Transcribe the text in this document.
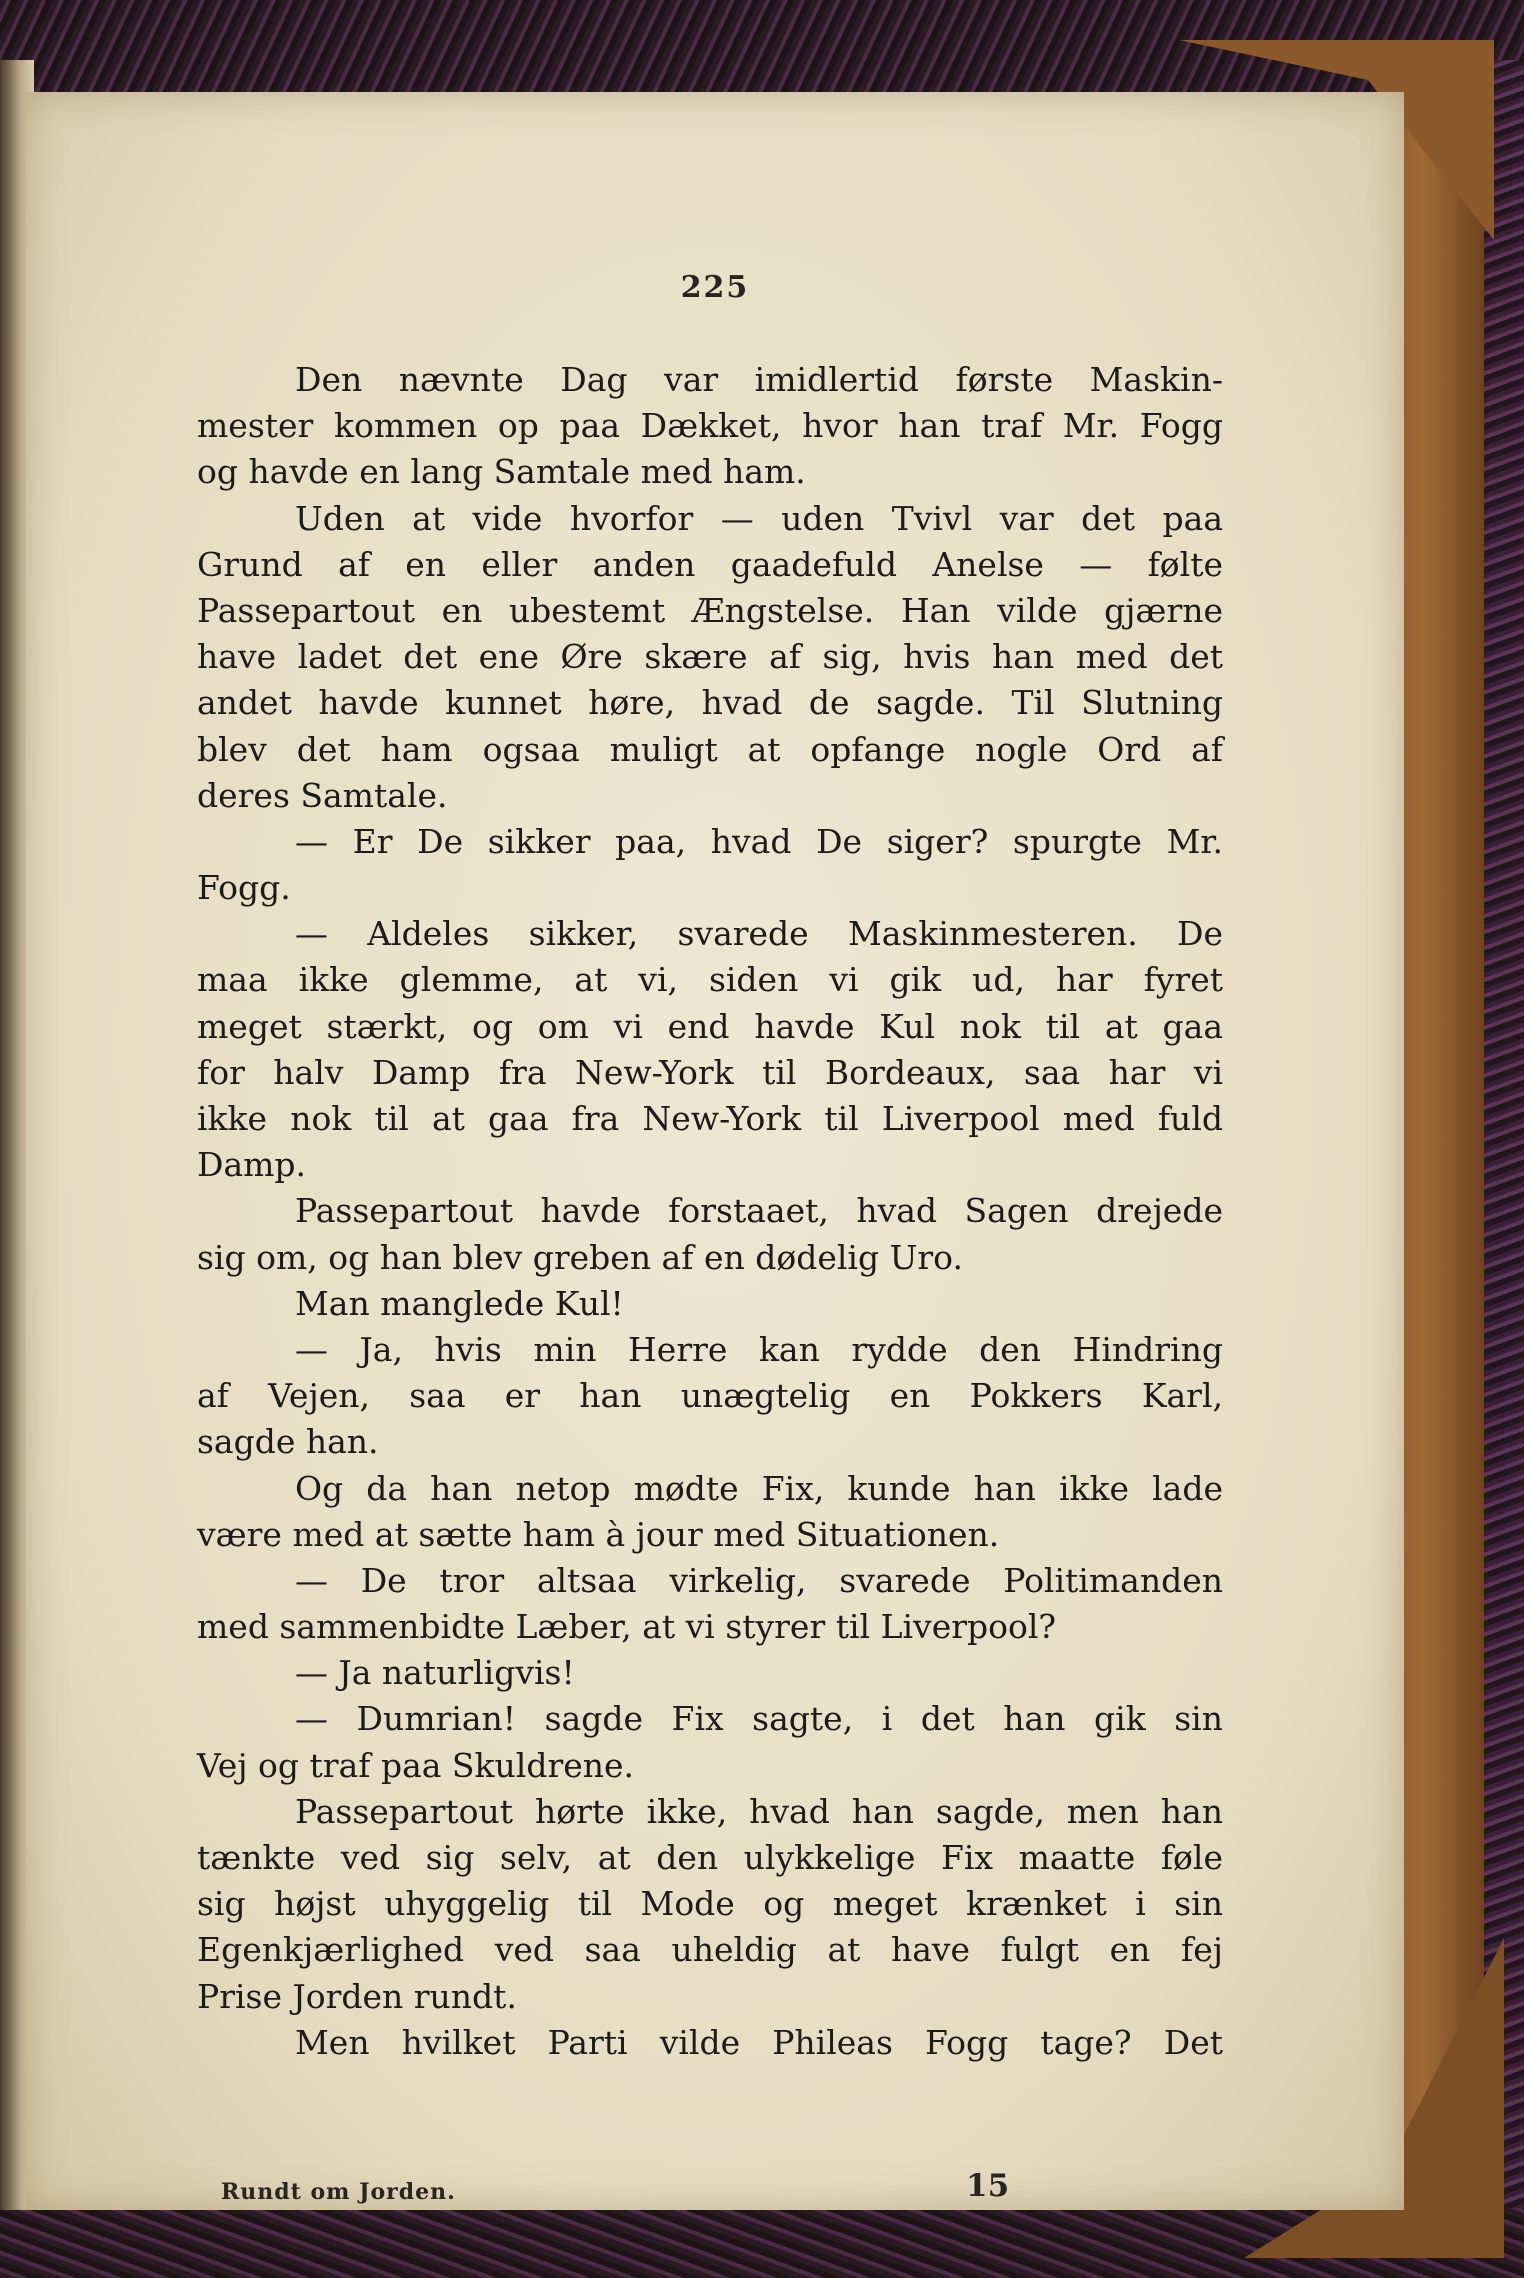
225
Den nævnte Dag var imidlertid første Maskin-
mester kommen op paa Dækket, hvor han traf Mr. Fogg
og havde en lang Samtale med ham.
Uden at vide hvorfor — uden Tvivl var det paa
Grund af en eller anden gaadefuld Anelse — følte
Passepartout en ubestemt Ængstelse. Han vilde gjærne
have ladet det ene Øre skære af sig, hvis han med det
andet havde kunnet høre, hvad de sagde. Til Slutning
blev det ham ogsaa muligt at opfange nogle Ord af
deres Samtale.
— Er De sikker paa, hvad De siger? spurgte Mr.
Fogg.
— Aldeles sikker, svarede Maskinmesteren. De
maa ikke glemme, at vi, siden vi gik ud, har fyret
meget stærkt, og om vi end havde Kul nok til at gaa
for halv Damp fra New-York til Bordeaux, saa har vi
ikke nok til at gaa fra New-York til Liverpool med fuld
Damp.
Passepartout havde forstaaet, hvad Sagen drejede
sig om, og han blev greben af en dødelig Uro.
Man manglede Kul!
— Ja, hvis min Herre kan rydde den Hindring
af Vejen, saa er han unægtelig en Pokkers Karl,
sagde han.
Og da han netop mødte Fix, kunde han ikke lade
være med at sætte ham à jour med Situationen.
— De tror altsaa virkelig, svarede Politimanden
med sammenbidte Læber, at vi styrer til Liverpool?
— Ja naturligvis!
— Dumrian! sagde Fix sagte, i det han gik sin
Vej og traf paa Skuldrene.
Passepartout hørte ikke, hvad han sagde, men han
tænkte ved sig selv, at den ulykkelige Fix maatte føle
sig højst uhyggelig til Mode og meget krænket i sin
Egenkjærlighed ved saa uheldig at have fulgt en fej
Prise Jorden rundt.
Men hvilket Parti vilde Phileas Fogg tage? Det
Rundt om Jorden.	15
